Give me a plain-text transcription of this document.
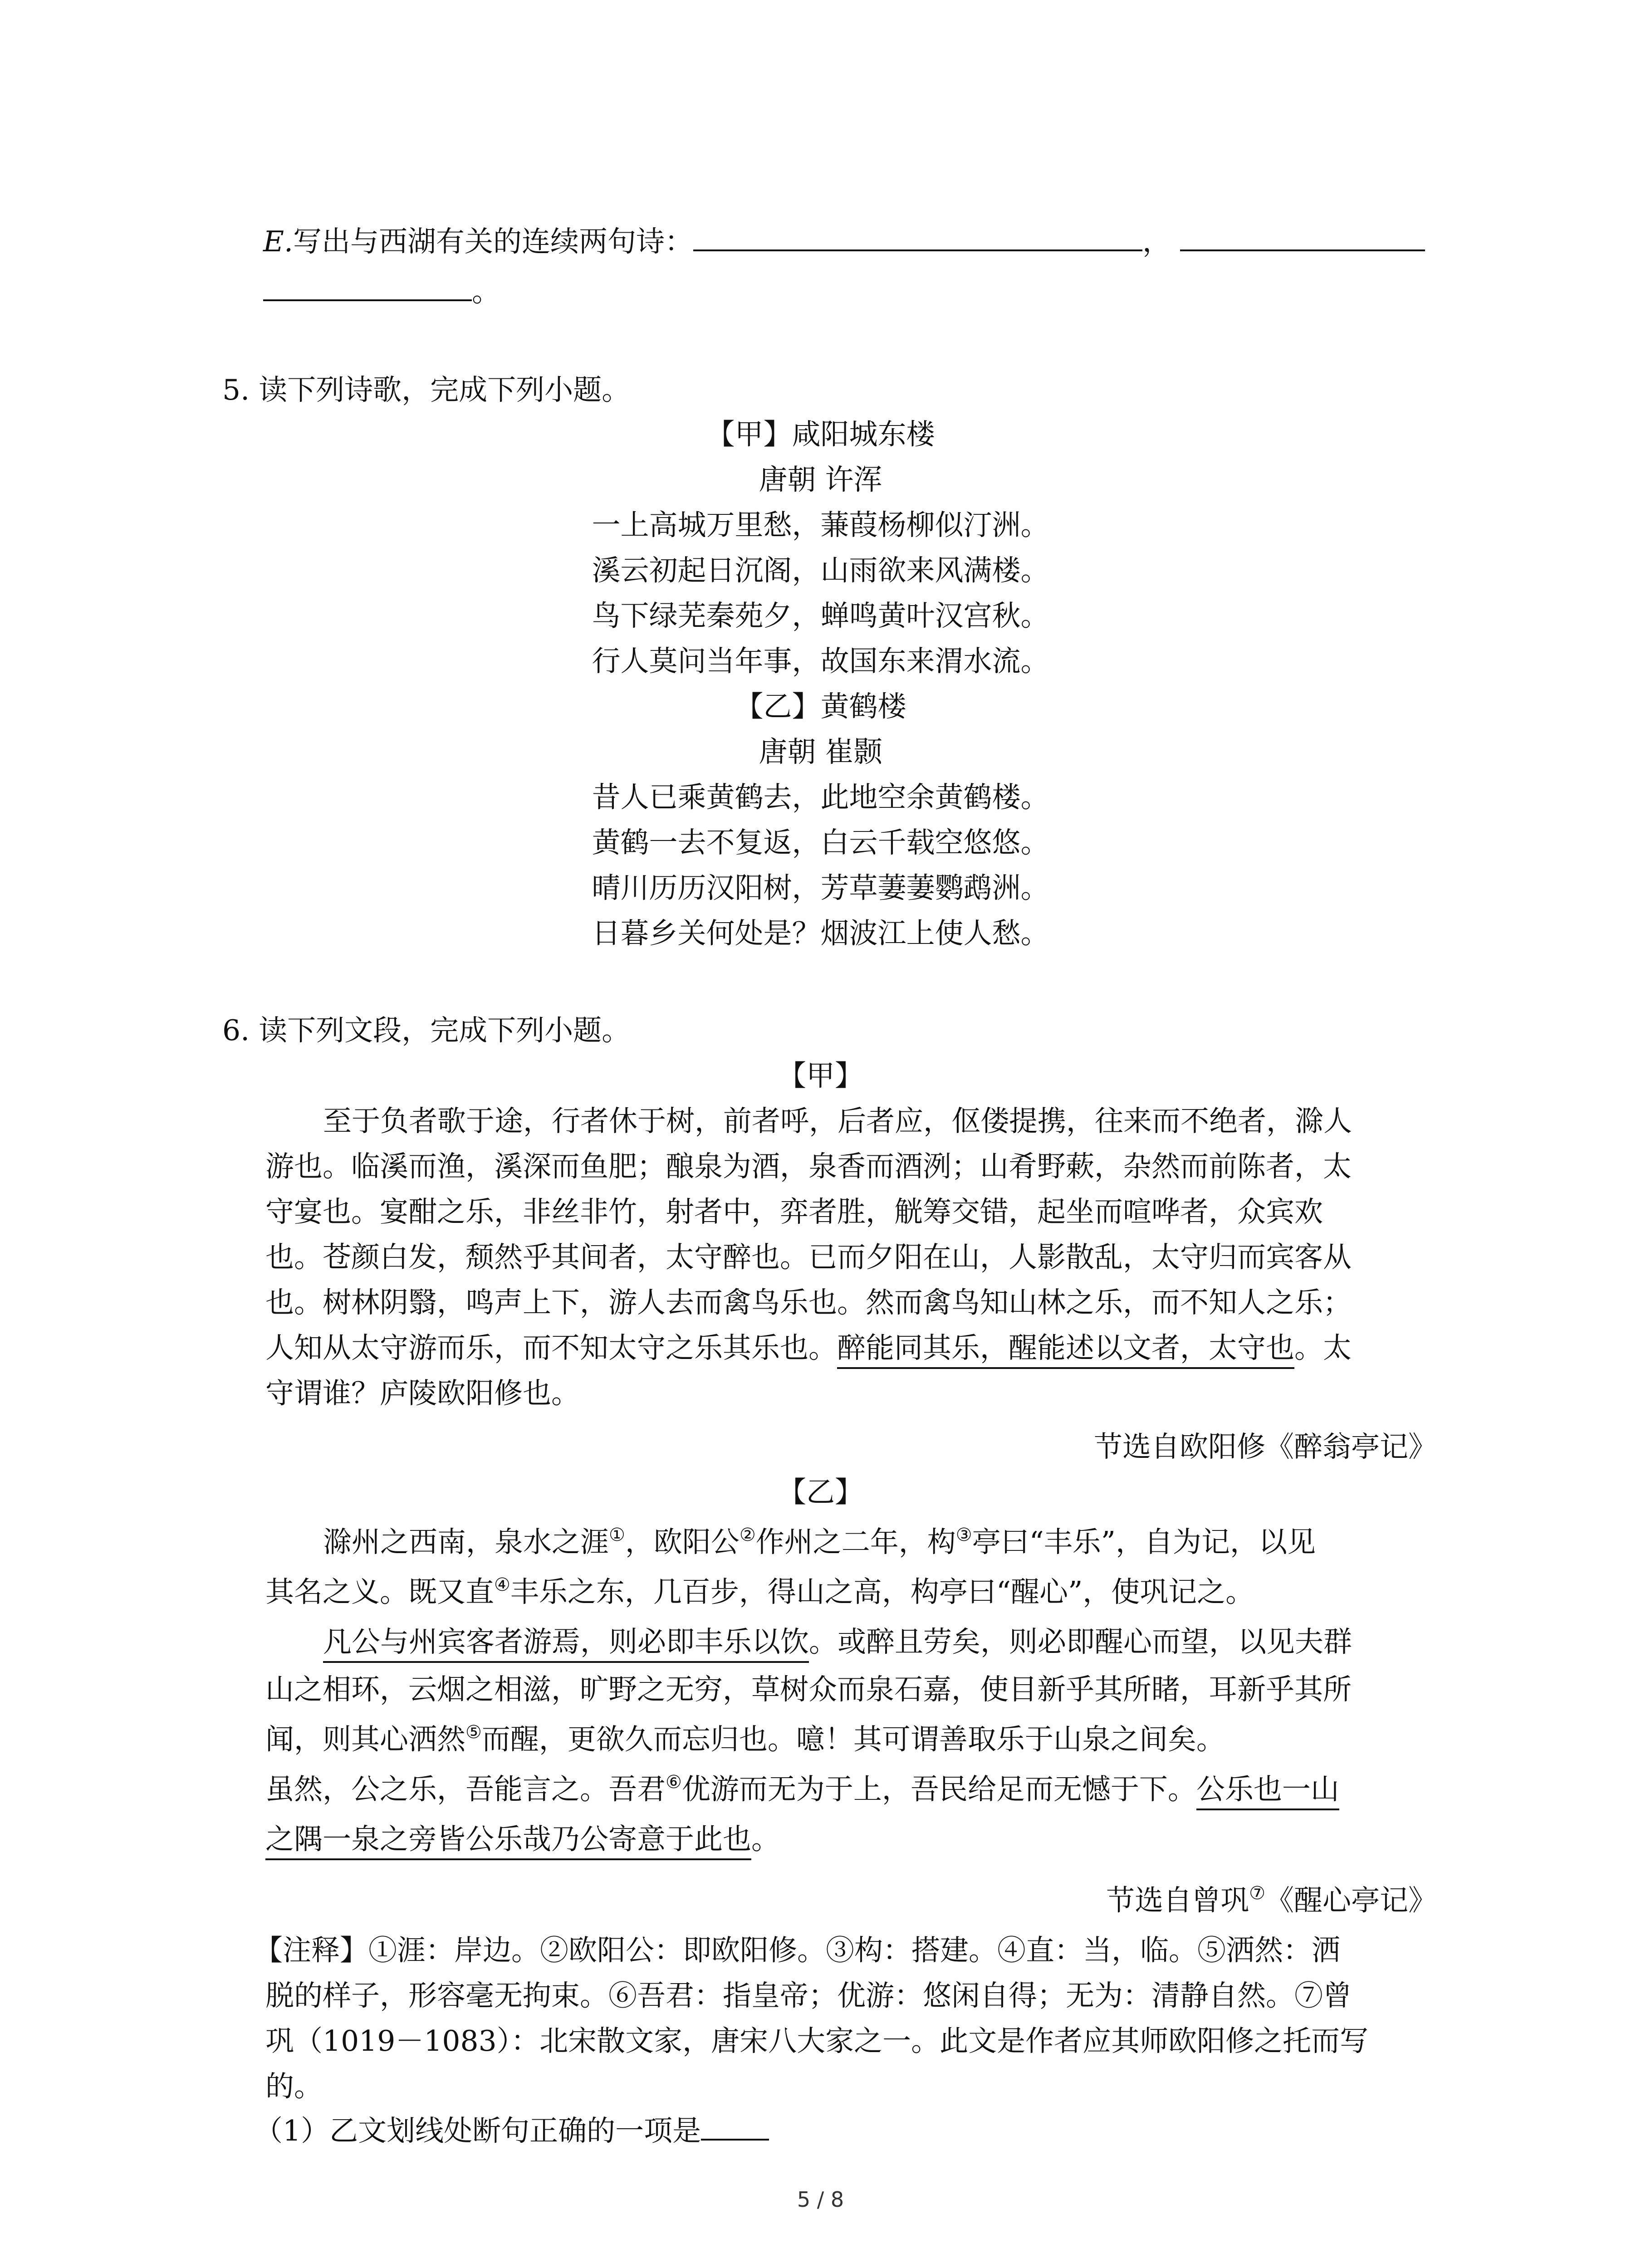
E.写出与西湖有关的连续两句诗：	，
。
5. 读下列诗歌，完成下列小题。
【甲】咸阳城东楼
唐朝 许浑
一上高城万里愁，蒹葭杨柳似汀洲。
溪云初起日沉阁，山雨欲来风满楼。
鸟下绿芜秦苑夕，蝉鸣黄叶汉宫秋。
行人莫问当年事，故国东来渭水流。
【乙】黄鹤楼
唐朝 崔颢
昔人已乘黄鹤去，此地空余黄鹤楼。
黄鹤一去不复返，白云千载空悠悠。
晴川历历汉阳树，芳草萋萋鹦鹉洲。
日暮乡关何处是？烟波江上使人愁。
6. 读下列文段，完成下列小题。
【甲】
至于负者歌于途，行者休于树，前者呼，后者应，伛偻提携，往来而不绝者，滁人
游也。临溪而渔，溪深而鱼肥；酿泉为酒，泉香而酒洌；山肴野蔌，杂然而前陈者，太
守宴也。宴酣之乐，非丝非竹，射者中，弈者胜，觥筹交错，起坐而喧哗者，众宾欢
也。苍颜白发，颓然乎其间者，太守醉也。已而夕阳在山，人影散乱，太守归而宾客从
也。树林阴翳，鸣声上下，游人去而禽鸟乐也。然而禽鸟知山林之乐，而不知人之乐；
人知从太守游而乐，而不知太守之乐其乐也。醉能同其乐，醒能述以文者，太守也。太
守谓谁？庐陵欧阳修也。
节选自欧阳修《醉翁亭记》
【乙】
滁州之西南，泉水之涯①，欧阳公②作州之二年，构③亭曰“丰乐”，自为记，以见
其名之义。既又直④丰乐之东，几百步，得山之高，构亭曰“醒心”，使巩记之。
凡公与州宾客者游焉，则必即丰乐以饮。或醉且劳矣，则必即醒心而望，以见夫群
山之相环，云烟之相滋，旷野之无穷，草树众而泉石嘉，使目新乎其所睹，耳新乎其所
闻，则其心洒然⑤而醒，更欲久而忘归也。噫！其可谓善取乐于山泉之间矣。
虽然，公之乐，吾能言之。吾君⑥优游而无为于上，吾民给足而无憾于下。公乐也一山
之隅一泉之旁皆公乐哉乃公寄意于此也。
节选自曾巩⑦《醒心亭记》
【注释】①涯：岸边。②欧阳公：即欧阳修。③构：搭建。④直：当，临。⑤洒然：洒
脱的样子，形容毫无拘束。⑥吾君：指皇帝；优游：悠闲自得；无为：清静自然。⑦曾
巩（1019－1083）：北宋散文家，唐宋八大家之一。此文是作者应其师欧阳修之托而写
的。
（1）乙文划线处断句正确的一项是
5 / 8
